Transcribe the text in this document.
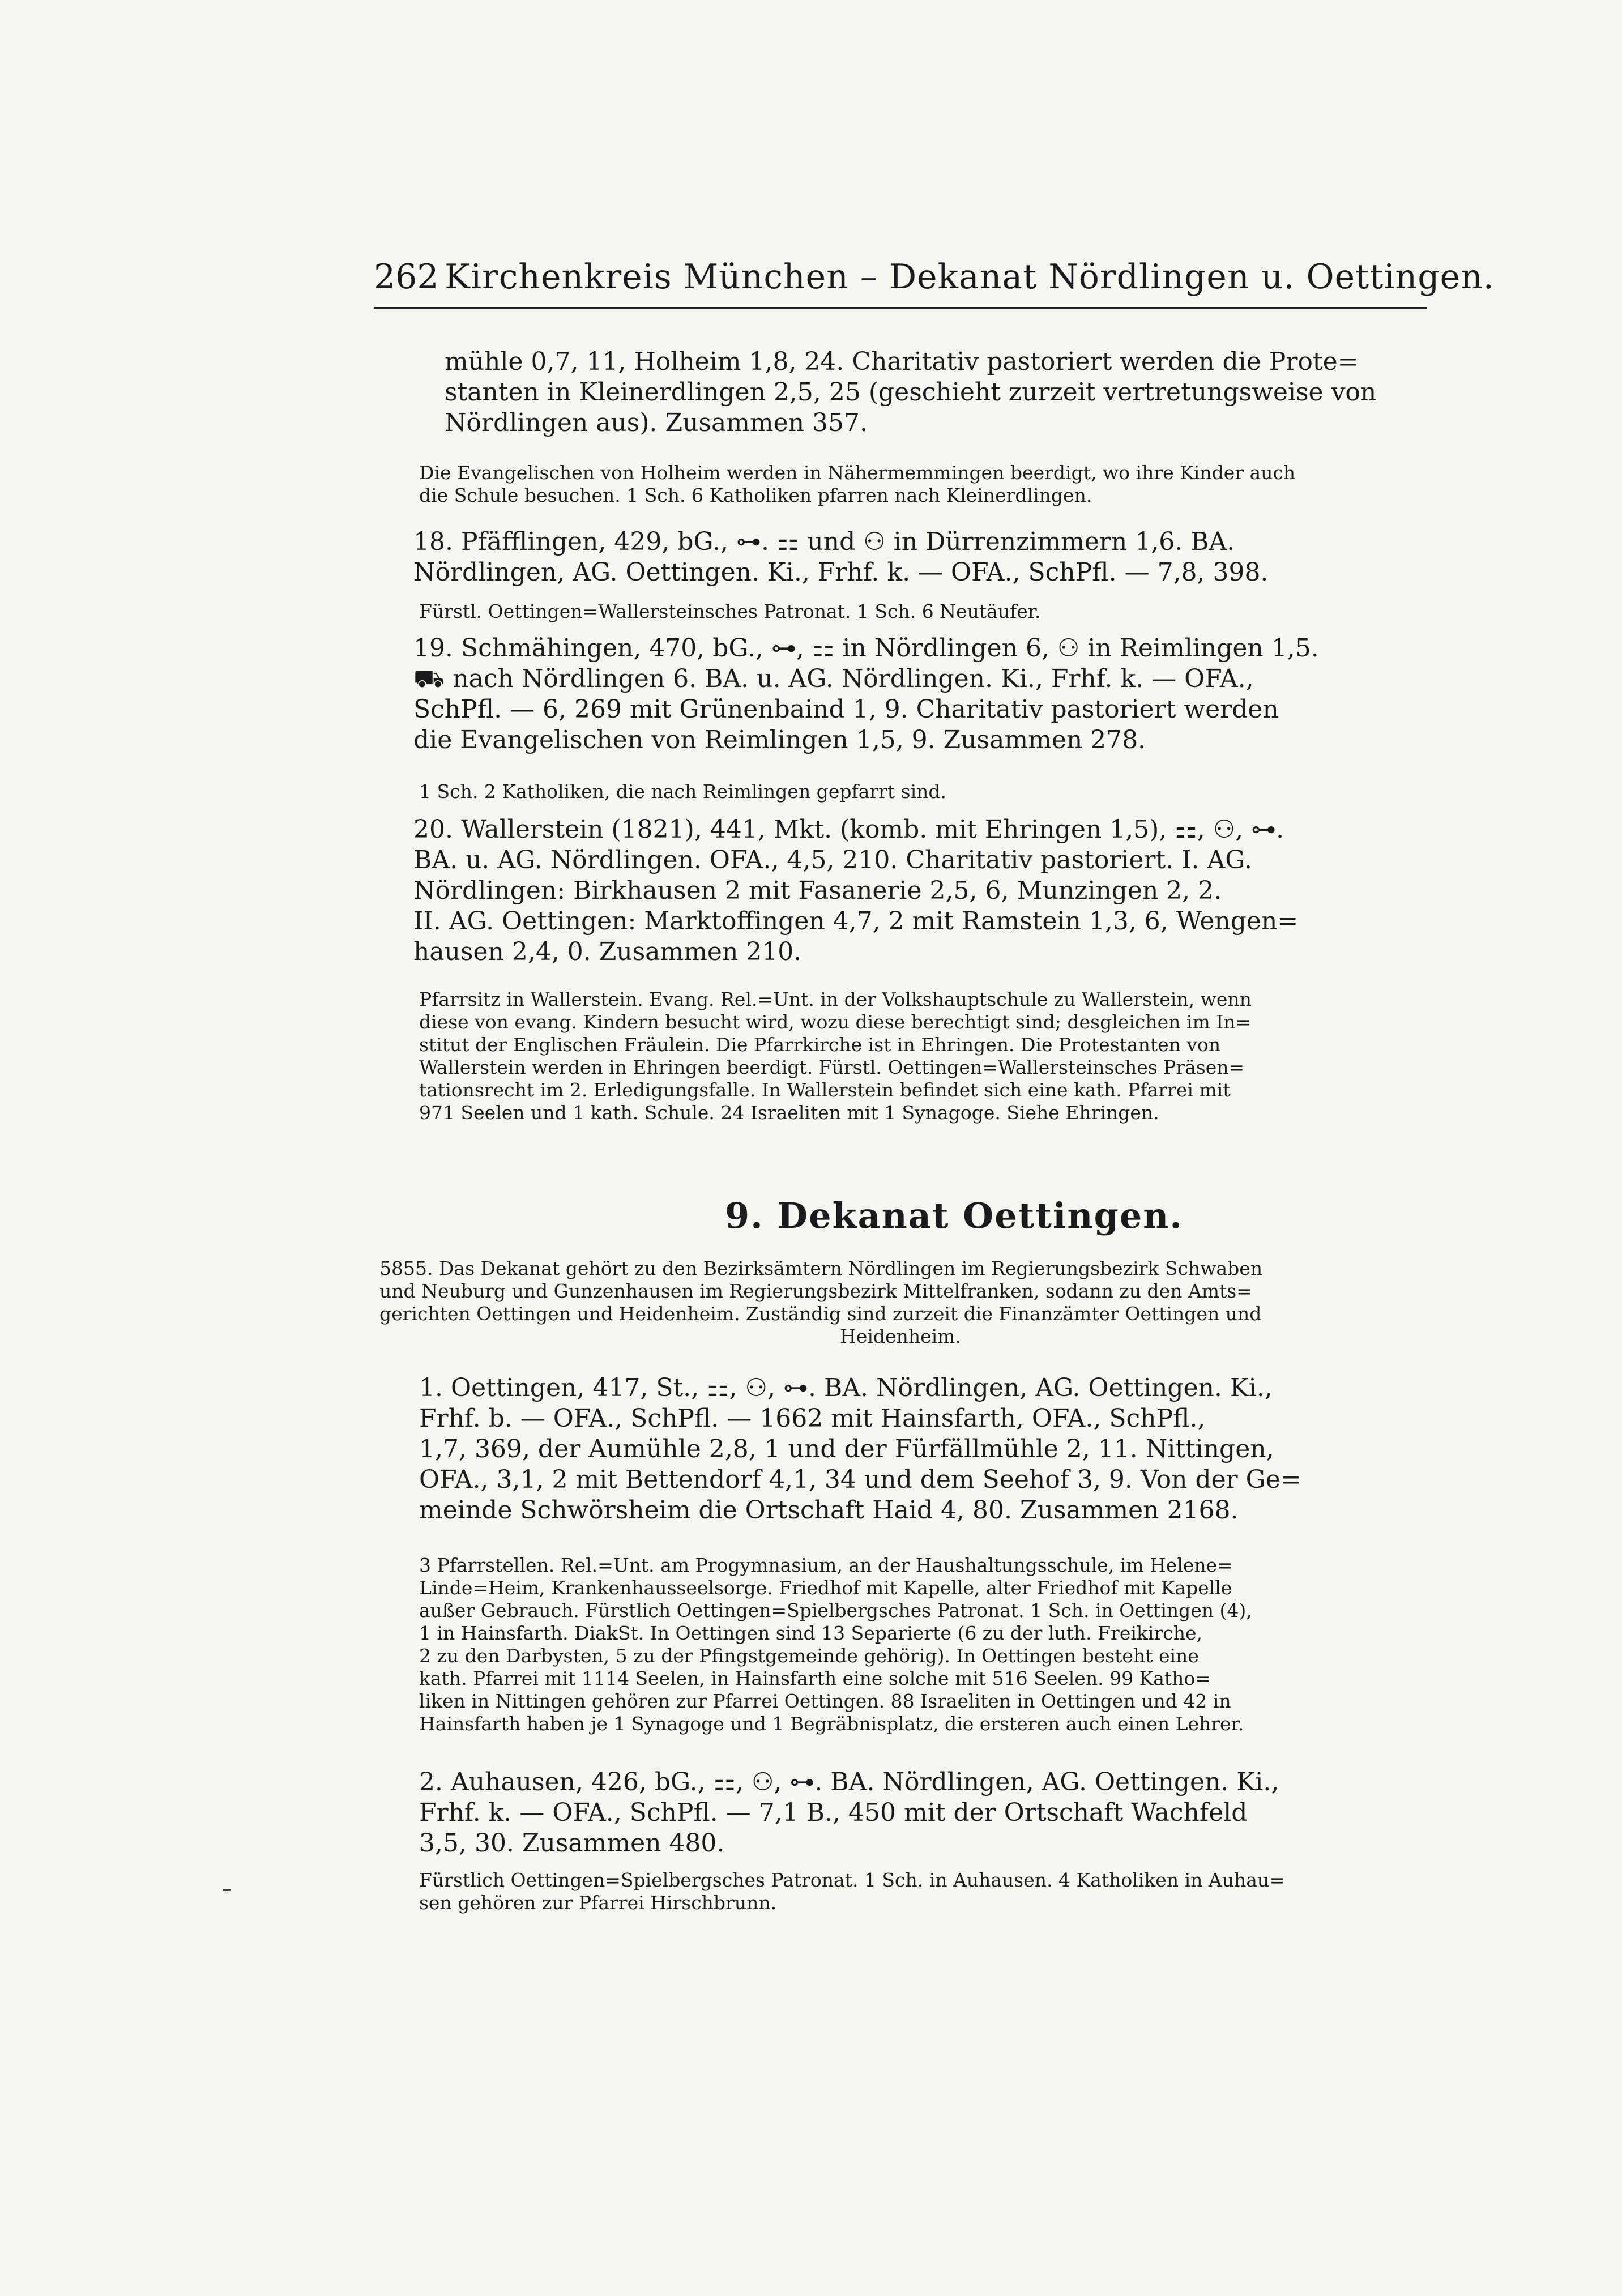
262 Kirchenkreis München – Dekanat Nördlingen u. Oettingen.
mühle 0,7, 11, Holheim 1,8, 24. Charitativ pastoriert werden die Prote=
stanten in Kleinerdlingen 2,5, 25 (geschieht zurzeit vertretungsweise von
Nördlingen aus). Zusammen 357.
Die Evangelischen von Holheim werden in Nähermemmingen beerdigt, wo ihre Kinder auch
die Schule besuchen. 1 Sch. 6 Katholiken pfarren nach Kleinerdlingen.
18. Pfäfflingen, 429, bG., ⊶. ⚏ und ⚇ in Dürrenzimmern 1,6. BA.
Nördlingen, AG. Oettingen. Ki., Frhf. k. — OFA., SchPfl. — 7,8, 398.
Fürstl. Oettingen=Wallersteinsches Patronat. 1 Sch. 6 Neutäufer.
19. Schmähingen, 470, bG., ⊶, ⚏ in Nördlingen 6, ⚇ in Reimlingen 1,5.
⛟ nach Nördlingen 6. BA. u. AG. Nördlingen. Ki., Frhf. k. — OFA.,
SchPfl. — 6, 269 mit Grünenbaind 1, 9. Charitativ pastoriert werden
die Evangelischen von Reimlingen 1,5, 9. Zusammen 278.
1 Sch. 2 Katholiken, die nach Reimlingen gepfarrt sind.
20. Wallerstein (1821), 441, Mkt. (komb. mit Ehringen 1,5), ⚏, ⚇, ⊶.
BA. u. AG. Nördlingen. OFA., 4,5, 210. Charitativ pastoriert. I. AG.
Nördlingen: Birkhausen 2 mit Fasanerie 2,5, 6, Munzingen 2, 2.
II. AG. Oettingen: Marktoffingen 4,7, 2 mit Ramstein 1,3, 6, Wengen=
hausen 2,4, 0. Zusammen 210.
Pfarrsitz in Wallerstein. Evang. Rel.=Unt. in der Volkshauptschule zu Wallerstein, wenn
diese von evang. Kindern besucht wird, wozu diese berechtigt sind; desgleichen im In=
stitut der Englischen Fräulein. Die Pfarrkirche ist in Ehringen. Die Protestanten von
Wallerstein werden in Ehringen beerdigt. Fürstl. Oettingen=Wallersteinsches Präsen=
tationsrecht im 2. Erledigungsfalle. In Wallerstein befindet sich eine kath. Pfarrei mit
971 Seelen und 1 kath. Schule. 24 Israeliten mit 1 Synagoge. Siehe Ehringen.
9. Dekanat Oettingen.
5855. Das Dekanat gehört zu den Bezirksämtern Nördlingen im Regierungsbezirk Schwaben
und Neuburg und Gunzenhausen im Regierungsbezirk Mittelfranken, sodann zu den Amts=
gerichten Oettingen und Heidenheim. Zuständig sind zurzeit die Finanzämter Oettingen und
Heidenheim.
1. Oettingen, 417, St., ⚏, ⚇, ⊶. BA. Nördlingen, AG. Oettingen. Ki.,
Frhf. b. — OFA., SchPfl. — 1662 mit Hainsfarth, OFA., SchPfl.,
1,7, 369, der Aumühle 2,8, 1 und der Fürfällmühle 2, 11. Nittingen,
OFA., 3,1, 2 mit Bettendorf 4,1, 34 und dem Seehof 3, 9. Von der Ge=
meinde Schwörsheim die Ortschaft Haid 4, 80. Zusammen 2168.
3 Pfarrstellen. Rel.=Unt. am Progymnasium, an der Haushaltungsschule, im Helene=
Linde=Heim, Krankenhausseelsorge. Friedhof mit Kapelle, alter Friedhof mit Kapelle
außer Gebrauch. Fürstlich Oettingen=Spielbergsches Patronat. 1 Sch. in Oettingen (4),
1 in Hainsfarth. DiakSt. In Oettingen sind 13 Separierte (6 zu der luth. Freikirche,
2 zu den Darbysten, 5 zu der Pfingstgemeinde gehörig). In Oettingen besteht eine
kath. Pfarrei mit 1114 Seelen, in Hainsfarth eine solche mit 516 Seelen. 99 Katho=
liken in Nittingen gehören zur Pfarrei Oettingen. 88 Israeliten in Oettingen und 42 in
Hainsfarth haben je 1 Synagoge und 1 Begräbnisplatz, die ersteren auch einen Lehrer.
2. Auhausen, 426, bG., ⚏, ⚇, ⊶. BA. Nördlingen, AG. Oettingen. Ki.,
Frhf. k. — OFA., SchPfl. — 7,1 B., 450 mit der Ortschaft Wachfeld
3,5, 30. Zusammen 480.
Fürstlich Oettingen=Spielbergsches Patronat. 1 Sch. in Auhausen. 4 Katholiken in Auhau=
sen gehören zur Pfarrei Hirschbrunn.
